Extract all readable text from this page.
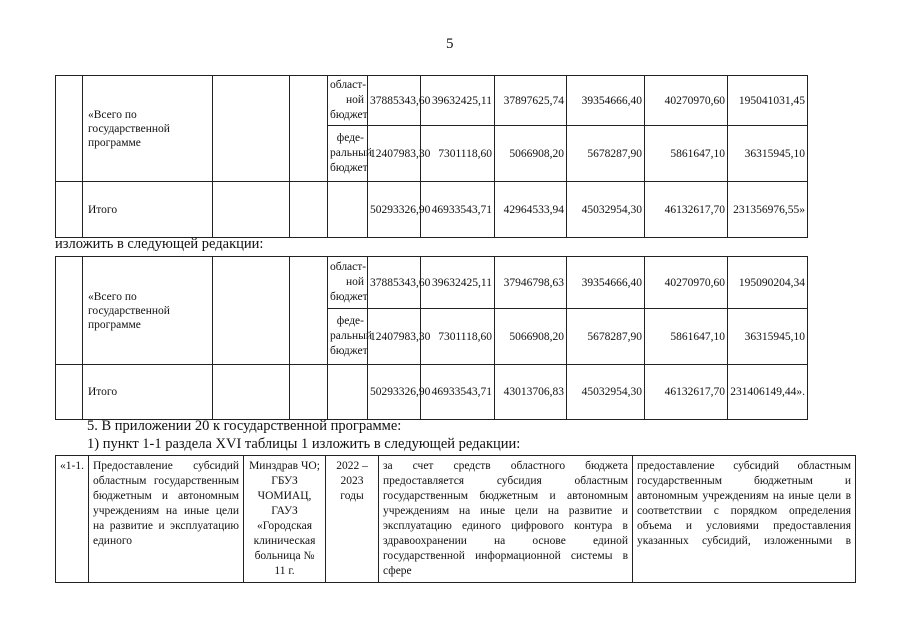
5
	«Всего по государственной программе			област-ной бюджет	37885343,60	39632425,11	37897625,74	39354666,40	40270970,60	195041031,45
				феде-ральный бюджет	12407983,30	7301118,60	5066908,20	5678287,90	5861647,10	36315945,10
	Итого				50293326,90	46933543,71	42964533,94	45032954,30	46132617,70	231356976,55»
изложить в следующей редакции:
	«Всего по государственной программе			област-ной бюджет	37885343,60	39632425,11	37946798,63	39354666,40	40270970,60	195090204,34
				феде-ральный бюджет	12407983,30	7301118,60	5066908,20	5678287,90	5861647,10	36315945,10
	Итого				50293326,90	46933543,71	43013706,83	45032954,30	46132617,70	231406149,44».
5. В приложении 20 к государственной программе:
1) пункт 1-1 раздела XVI таблицы 1 изложить в следующей редакции:
«1-1.	Предоставление субсидий областным государственным бюджетным и автономным учреждениям на иные цели на развитие и эксплуатацию единого	Минздрав ЧО; ГБУЗ ЧОМИАЦ, ГАУЗ «Городская клиническая больница № 11 г.	2022 – 2023 годы	за счет средств областного бюджета предоставляется субсидия областным государственным бюджетным и автономным учреждениям на иные цели на развитие и эксплуатацию единого цифрового контура в здравоохранении на основе единой государственной информационной системы в сфере	предоставление субсидий областным государственным бюджетным и автономным учреждениям на иные цели в соответствии с порядком определения объема и условиями предоставления указанных субсидий, изложенными в
